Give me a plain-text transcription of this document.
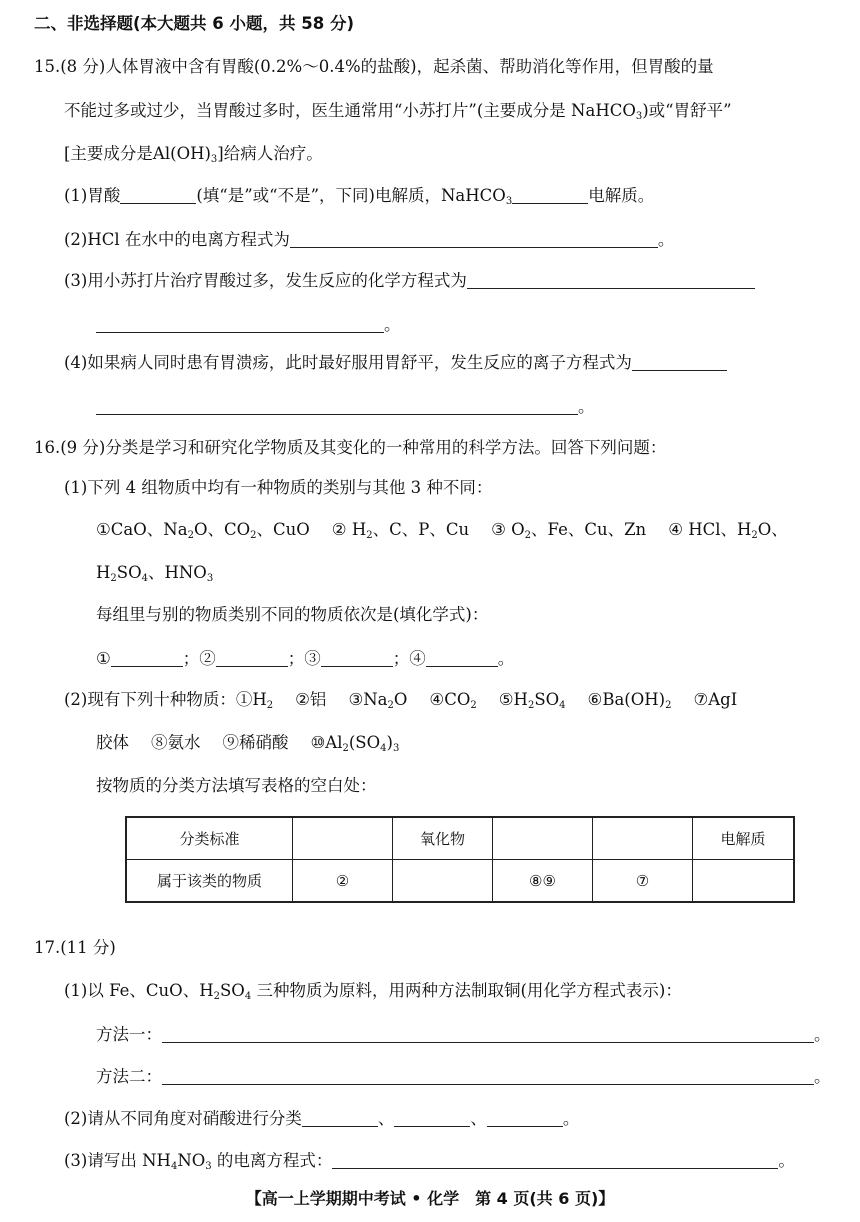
二、非选择题(本大题共 6 小题，共 58 分)
15.(8 分)人体胃液中含有胃酸(0.2%～0.4%的盐酸)，起杀菌、帮助消化等作用，但胃酸的量
不能过多或过少，当胃酸过多时，医生通常用“小苏打片”(主要成分是 NaHCO$_3$)或“胃舒平”
[主要成分是$Al(OH)_3$]给病人治疗。
(1)胃酸	(填“是”或“不是”，下同)电解质，NaHCO$_3$	电解质。
(2)HCl 在水中的电离方程式为	。
(3)用小苏打片治疗胃酸过多，发生反应的化学方程式为
。
(4)如果病人同时患有胃溃疡，此时最好服用胃舒平，发生反应的离子方程式为
。
16.(9 分)分类是学习和研究化学物质及其变化的一种常用的科学方法。回答下列问题：
(1)下列 4 组物质中均有一种物质的类别与其他 3 种不同：
①CaO、$Na_2O$、$CO_2$、CuO ② $H_2$、C、P、Cu ③ $O_2$、Fe、Cu、Zn ④ HCl、$H_2O$、
$H_2SO_4$、$HNO_3$
每组里与别的物质类别不同的物质依次是(填化学式)：
①	；②	；③	；④	。
(2)现有下列十种物质：$①H_2$ ②铝 $③Na_2O$ $④CO_2$ $⑤H_2SO_4$ $⑥Ba(OH)_2$ ⑦AgI
胶体 ⑧氨水 ⑨稀硝酸 $⑩Al_2(SO_4)_3$
按物质的分类方法填写表格的空白处：
分类标准		氧化物			电解质
属于该类的物质	②		⑧⑨	⑦	
17.(11 分)
(1)以 Fe、CuO、$H_2SO_4$ 三种物质为原料，用两种方法制取铜(用化学方程式表示)：
方法一：	。
方法二：	。
(2)请从不同角度对硝酸进行分类	、	、	。
(3)请写出 $NH_4NO_3$ 的电离方程式：	。
【高一上学期期中考试 • 化学　第 4 页(共 6 页)】
